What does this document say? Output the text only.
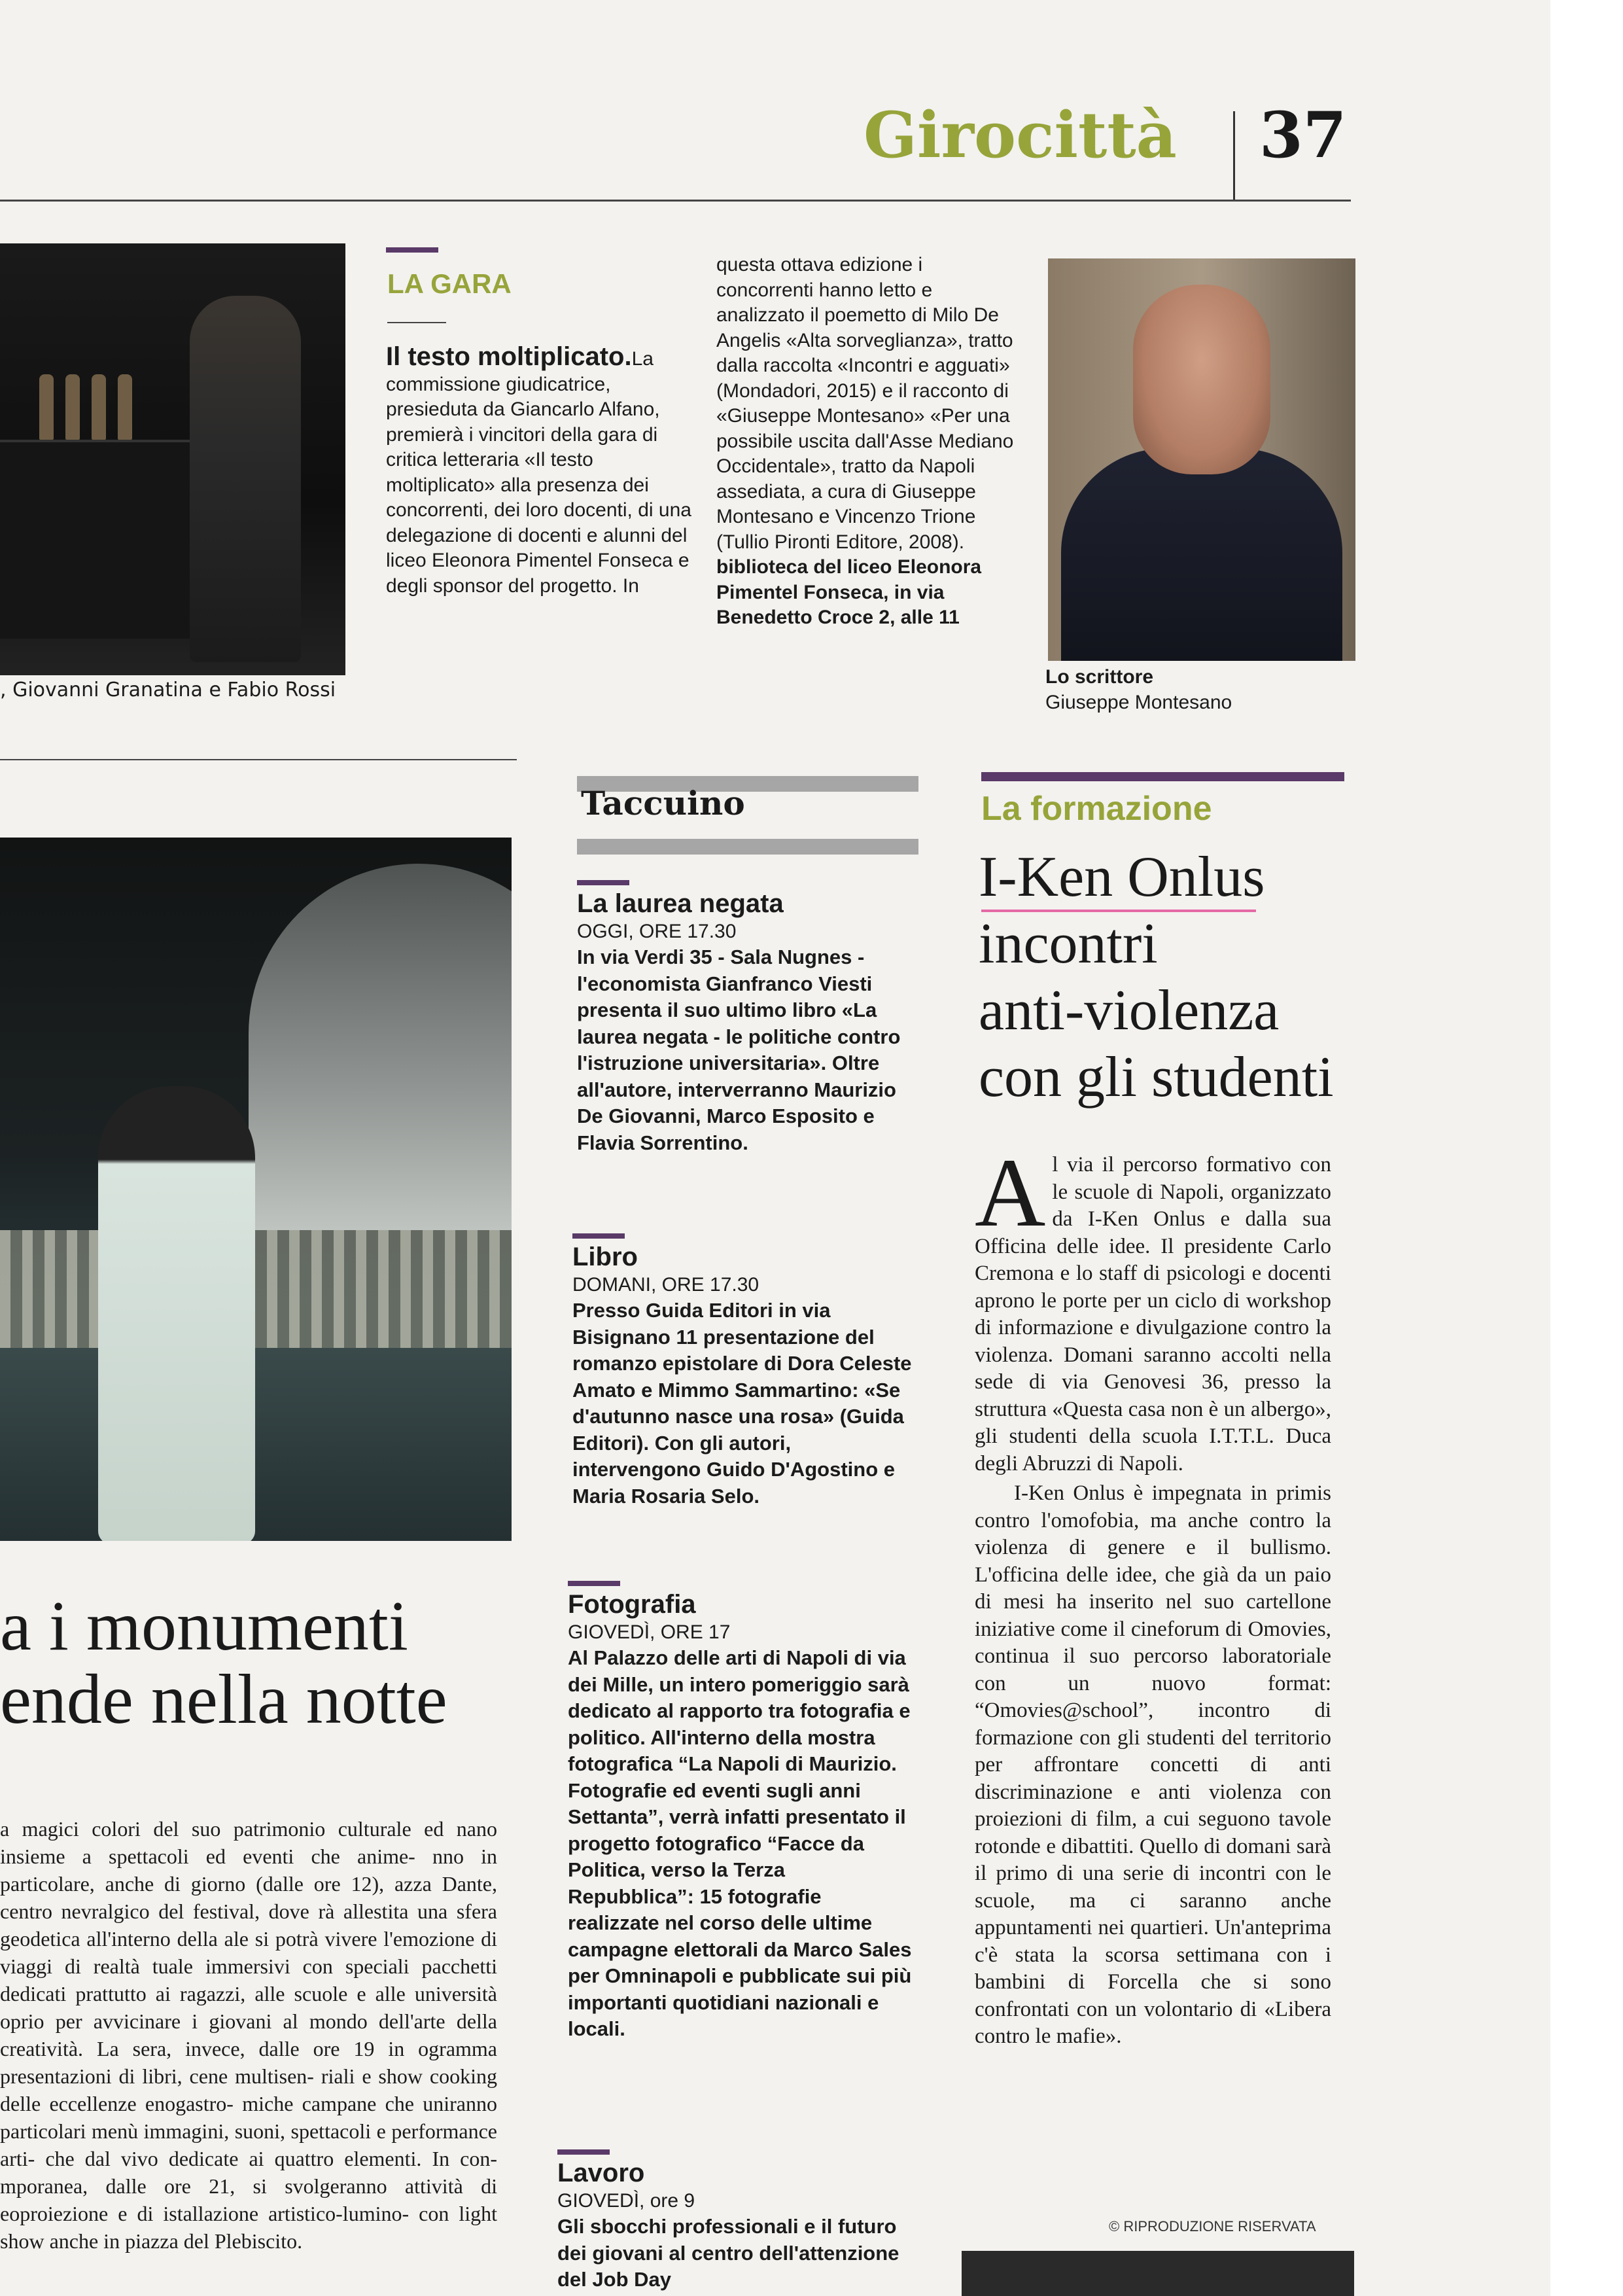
Girocittà 37
, Giovanni Granatina e Fabio Rossi
LA GARA
Il testo moltiplicato.La commissione giudicatrice, presieduta da Giancarlo Alfano, premierà i vincitori della gara di critica letteraria «Il testo moltiplicato» alla presenza dei concorrenti, dei loro docenti, di una delegazione di docenti e alunni del liceo Eleonora Pimentel Fonseca e degli sponsor del progetto. In
questa ottava edizione i concorrenti hanno letto e analizzato il poemetto di Milo De Angelis «Alta sorveglianza», tratto dalla raccolta «Incontri e agguati» (Mondadori, 2015) e il racconto di «Giuseppe Montesano» «Per una possibile uscita dall'Asse Mediano Occidentale», tratto da Napoli assediata, a cura di Giuseppe Montesano e Vincenzo Trione (Tullio Pironti Editore, 2008).
biblioteca del liceo Eleonora Pimentel Fonseca, in via Benedetto Croce 2, alle 11
Lo scrittore
Giuseppe Montesano
a i monumenti
ende nella notte
a magici colori del suo patrimonio culturale ed nano insieme a spettacoli ed eventi che anime- nno in particolare, anche di giorno (dalle ore 12), azza Dante, centro nevralgico del festival, dove rà allestita una sfera geodetica all'interno della ale si potrà vivere l'emozione di viaggi di realtà tuale immersivi con speciali pacchetti dedicati prattutto ai ragazzi, alle scuole e alle università oprio per avvicinare i giovani al mondo dell'arte della creatività. La sera, invece, dalle ore 19 in ogramma presentazioni di libri, cene multisen- riali e show cooking delle eccellenze enogastro- miche campane che uniranno particolari menù immagini, suoni, spettacoli e performance arti- che dal vivo dedicate ai quattro elementi. In con- mporanea, dalle ore 21, si svolgeranno attività di eoproiezione e di istallazione artistico-lumino- con light show anche in piazza del Plebiscito.
Taccuino
La laurea negata
OGGI, ORE 17.30
In via Verdi 35 - Sala Nugnes - l'economista Gianfranco Viesti presenta il suo ultimo libro «La laurea negata - le politiche contro l'istruzione universitaria». Oltre all'autore, interverranno Maurizio De Giovanni, Marco Esposito e Flavia Sorrentino.
Libro
DOMANI, ORE 17.30
Presso Guida Editori in via Bisignano 11 presentazione del romanzo epistolare di Dora Celeste Amato e Mimmo Sammartino: «Se d'autunno nasce una rosa» (Guida Editori). Con gli autori, intervengono Guido D'Agostino e Maria Rosaria Selo.
Fotografia
GIOVEDÌ, ORE 17
Al Palazzo delle arti di Napoli di via dei Mille, un intero pomeriggio sarà dedicato al rapporto tra fotografia e politico. All'interno della mostra fotografica “La Napoli di Maurizio. Fotografie ed eventi sugli anni Settanta”, verrà infatti presentato il progetto fotografico “Facce da Politica, verso la Terza Repubblica”: 15 fotografie realizzate nel corso delle ultime campagne elettorali da Marco Sales per Omninapoli e pubblicate sui più importanti quotidiani nazionali e locali.
Lavoro
GIOVEDÌ, ore 9
Gli sbocchi professionali e il futuro dei giovani al centro dell'attenzione del Job Day
La formazione
I-Ken Onlus
incontri
anti-violenza
con gli studenti
Al via il percorso formativo con le scuole di Napoli, organizzato da I-Ken Onlus e dalla sua Officina delle idee. Il presidente Carlo Cremona e lo staff di psicologi e docenti aprono le porte per un ciclo di workshop di informazione e divulgazione contro la violenza. Domani saranno accolti nella sede di via Genovesi 36, presso la struttura «Questa casa non è un albergo», gli studenti della scuola I.T.T.L. Duca degli Abruzzi di Napoli.
I-Ken Onlus è impegnata in primis contro l'omofobia, ma anche contro la violenza di genere e il bullismo. L'officina delle idee, che già da un paio di mesi ha inserito nel suo cartellone iniziative come il cineforum di Omovies, continua il suo percorso laboratoriale con un nuovo format: “Omovies@school”, incontro di formazione con gli studenti del territorio per affrontare concetti di anti discriminazione e anti violenza con proiezioni di film, a cui seguono tavole rotonde e dibattiti. Quello di domani sarà il primo di una serie di incontri con le scuole, ma ci saranno anche appuntamenti nei quartieri. Un'anteprima c'è stata la scorsa settimana con i bambini di Forcella che si sono confrontati con un volontario di «Libera contro le mafie».
© RIPRODUZIONE RISERVATA
